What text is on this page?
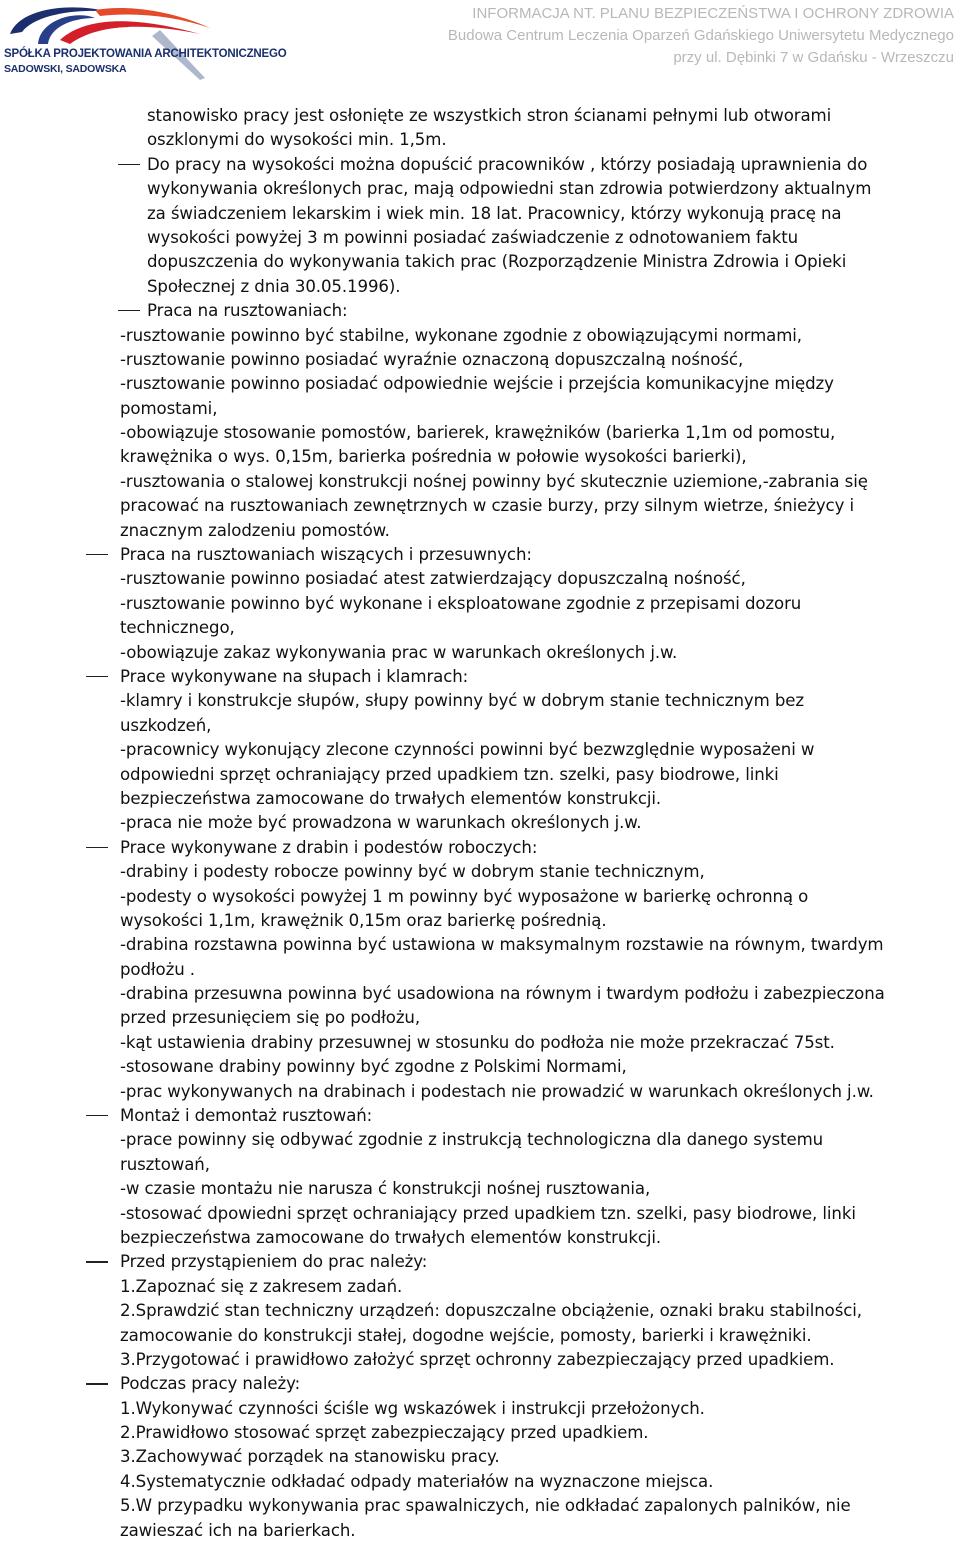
SPÓŁKA PROJEKTOWANIA ARCHITEKTONICZNEGO
SADOWSKI, SADOWSKA
INFORMACJA NT. PLANU BEZPIECZEŃSTWA I OCHRONY ZDROWIA
Budowa Centrum Leczenia Oparzeń Gdańskiego Uniwersytetu Medycznego
przy ul. Dębinki 7 w Gdańsku - Wrzeszczu
stanowisko pracy jest osłonięte ze wszystkich stron ścianami pełnymi lub otworami
oszklonymi do wysokości min. 1,5m.
Do pracy na wysokości można dopuścić pracowników , którzy posiadają uprawnienia do
wykonywania określonych prac, mają odpowiedni stan zdrowia potwierdzony aktualnym
za świadczeniem lekarskim i wiek min. 18 lat. Pracownicy, którzy wykonują pracę na
wysokości powyżej 3 m powinni posiadać zaświadczenie z odnotowaniem faktu
dopuszczenia do wykonywania takich prac (Rozporządzenie Ministra Zdrowia i Opieki
Społecznej z dnia 30.05.1996).
Praca na rusztowaniach:
-rusztowanie powinno być stabilne, wykonane zgodnie z obowiązującymi normami,
-rusztowanie powinno posiadać wyraźnie oznaczoną dopuszczalną nośność,
-rusztowanie powinno posiadać odpowiednie wejście i przejścia komunikacyjne między
pomostami,
-obowiązuje stosowanie pomostów, barierek, krawężników (barierka 1,1m od pomostu,
krawężnika o wys. 0,15m, barierka pośrednia w połowie wysokości barierki),
-rusztowania o stalowej konstrukcji nośnej powinny być skutecznie uziemione,-zabrania się
pracować na rusztowaniach zewnętrznych w czasie burzy, przy silnym wietrze, śnieżycy i
znacznym zalodzeniu pomostów.
Praca na rusztowaniach wiszących i przesuwnych:
-rusztowanie powinno posiadać atest zatwierdzający dopuszczalną nośność,
-rusztowanie powinno być wykonane i eksploatowane zgodnie z przepisami dozoru
technicznego,
-obowiązuje zakaz wykonywania prac w warunkach określonych j.w.
Prace wykonywane na słupach i klamrach:
-klamry i konstrukcje słupów, słupy powinny być w dobrym stanie technicznym bez
uszkodzeń,
-pracownicy wykonujący zlecone czynności powinni być bezwzględnie wyposażeni w
odpowiedni sprzęt ochraniający przed upadkiem tzn. szelki, pasy biodrowe, linki
bezpieczeństwa zamocowane do trwałych elementów konstrukcji.
-praca nie może być prowadzona w warunkach określonych j.w.
Prace wykonywane z drabin i podestów roboczych:
-drabiny i podesty robocze powinny być w dobrym stanie technicznym,
-podesty o wysokości powyżej 1 m powinny być wyposażone w barierkę ochronną o
wysokości 1,1m, krawężnik 0,15m oraz barierkę pośrednią.
-drabina rozstawna powinna być ustawiona w maksymalnym rozstawie na równym, twardym
podłożu .
-drabina przesuwna powinna być usadowiona na równym i twardym podłożu i zabezpieczona
przed przesunięciem się po podłożu,
-kąt ustawienia drabiny przesuwnej w stosunku do podłoża nie może przekraczać 75st.
-stosowane drabiny powinny być zgodne z Polskimi Normami,
-prac wykonywanych na drabinach i podestach nie prowadzić w warunkach określonych j.w.
Montaż i demontaż rusztowań:
-prace powinny się odbywać zgodnie z instrukcją technologiczna dla danego systemu
rusztowań,
-w czasie montażu nie narusza ć konstrukcji nośnej rusztowania,
-stosować dpowiedni sprzęt ochraniający przed upadkiem tzn. szelki, pasy biodrowe, linki
bezpieczeństwa zamocowane do trwałych elementów konstrukcji.
Przed przystąpieniem do prac należy:
1.Zapoznać się z zakresem zadań.
2.Sprawdzić stan techniczny urządzeń: dopuszczalne obciążenie, oznaki braku stabilności,
zamocowanie do konstrukcji stałej, dogodne wejście, pomosty, barierki i krawężniki.
3.Przygotować i prawidłowo założyć sprzęt ochronny zabezpieczający przed upadkiem.
Podczas pracy należy:
1.Wykonywać czynności ściśle wg wskazówek i instrukcji przełożonych.
2.Prawidłowo stosować sprzęt zabezpieczający przed upadkiem.
3.Zachowywać porządek na stanowisku pracy.
4.Systematycznie odkładać odpady materiałów na wyznaczone miejsca.
5.W przypadku wykonywania prac spawalniczych, nie odkładać zapalonych palników, nie
zawieszać ich na barierkach.
